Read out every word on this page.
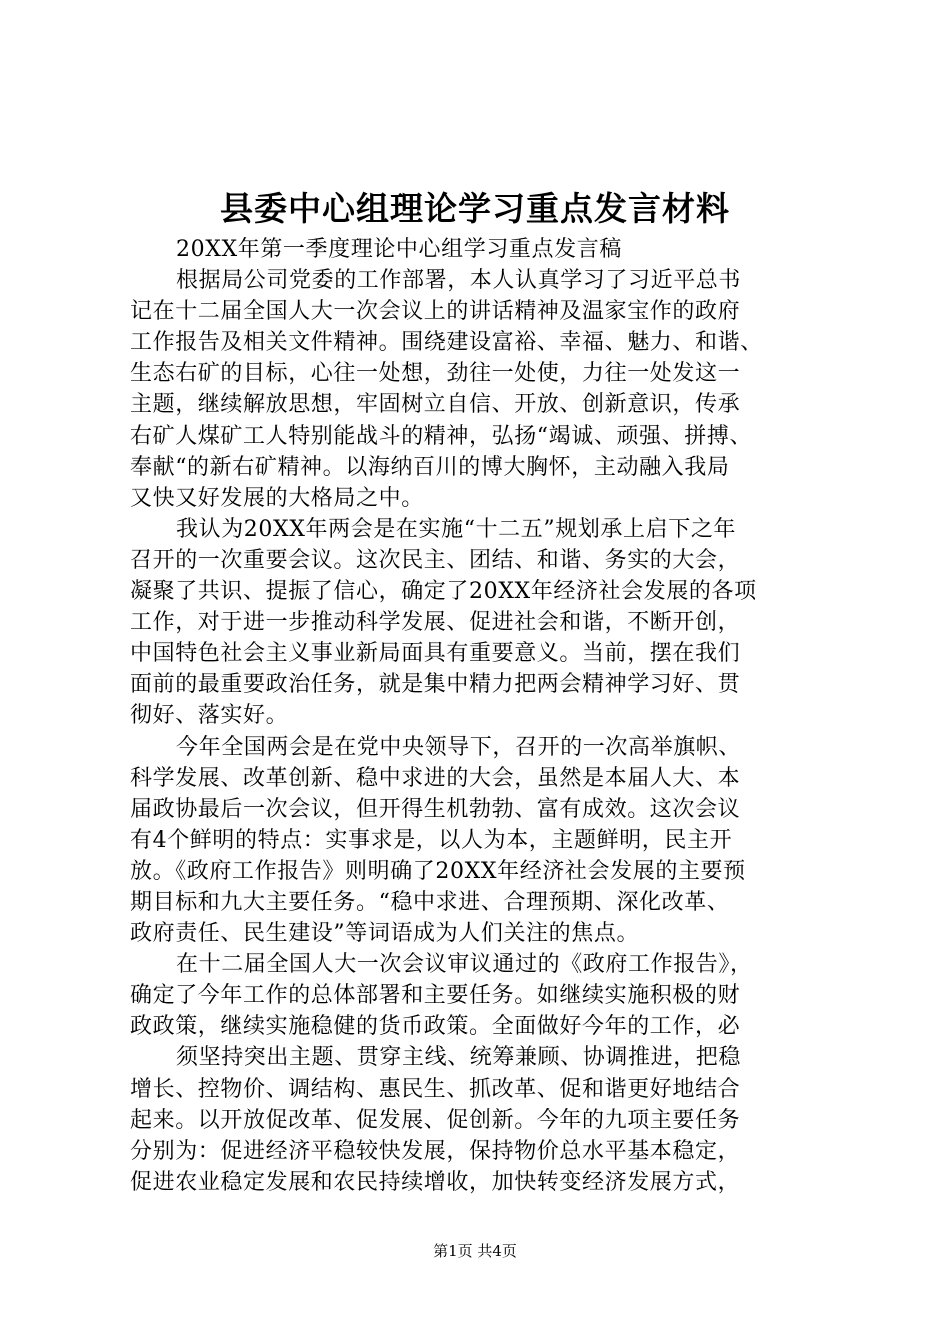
县委中心组理论学习重点发言材料
20XX年第一季度理论中心组学习重点发言稿
根据局公司党委的工作部署，本人认真学习了习近平总书
记在十二届全国人大一次会议上的讲话精神及温家宝作的政府
工作报告及相关文件精神。围绕建设富裕、幸福、魅力、和谐、
生态右矿的目标，心往一处想，劲往一处使，力往一处发这一
主题，继续解放思想，牢固树立自信、开放、创新意识，传承
右矿人煤矿工人特别能战斗的精神，弘扬“竭诚、顽强、拼搏、
奉献“的新右矿精神。以海纳百川的博大胸怀，主动融入我局
又快又好发展的大格局之中。
我认为20XX年两会是在实施“十二五”规划承上启下之年
召开的一次重要会议。这次民主、团结、和谐、务实的大会，
凝聚了共识、提振了信心，确定了20XX年经济社会发展的各项
工作，对于进一步推动科学发展、促进社会和谐，不断开创，
中国特色社会主义事业新局面具有重要意义。当前，摆在我们
面前的最重要政治任务，就是集中精力把两会精神学习好、贯
彻好、落实好。
今年全国两会是在党中央领导下，召开的一次高举旗帜、
科学发展、改革创新、稳中求进的大会，虽然是本届人大、本
届政协最后一次会议，但开得生机勃勃、富有成效。这次会议
有4个鲜明的特点：实事求是，以人为本，主题鲜明，民主开
放。《政府工作报告》则明确了20XX年经济社会发展的主要预
期目标和九大主要任务。“稳中求进、合理预期、深化改革、
政府责任、民生建设”等词语成为人们关注的焦点。
在十二届全国人大一次会议审议通过的《政府工作报告》，
确定了今年工作的总体部署和主要任务。如继续实施积极的财
政政策，继续实施稳健的货币政策。全面做好今年的工作，必
须坚持突出主题、贯穿主线、统筹兼顾、协调推进，把稳
增长、控物价、调结构、惠民生、抓改革、促和谐更好地结合
起来。以开放促改革、促发展、促创新。今年的九项主要任务
分别为：促进经济平稳较快发展，保持物价总水平基本稳定，
促进农业稳定发展和农民持续增收，加快转变经济发展方式，
第1页 共4页
